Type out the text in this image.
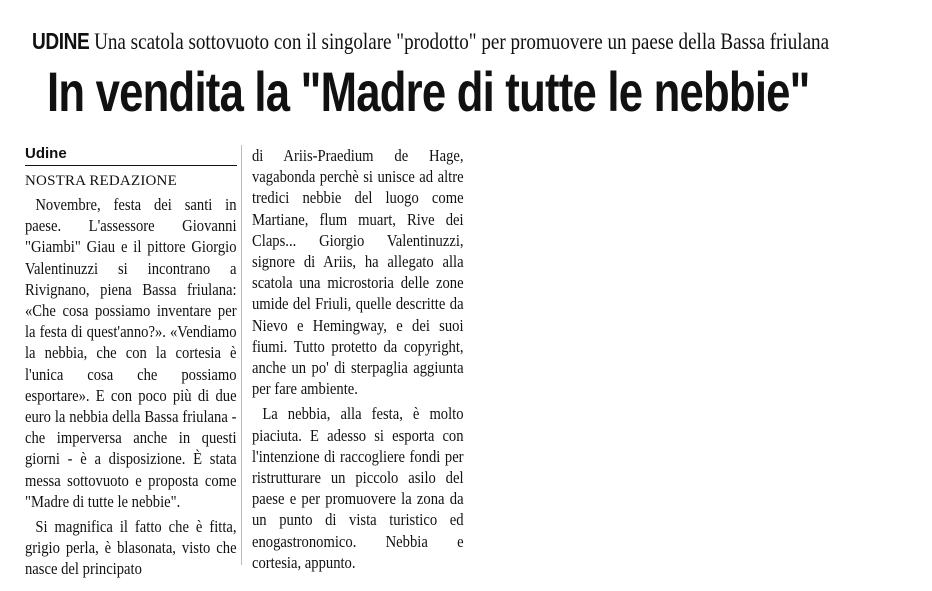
UDINE Una scatola sottovuoto con il singolare "prodotto" per promuovere un paese della Bassa friulana
In vendita la "Madre di tutte le nebbie"
Udine
NOSTRA REDAZIONE

Novembre, festa dei santi in paese. L'assessore Giovanni "Giambi" Giau e il pittore Giorgio Valentinuzzi si incontrano a Rivignano, piena Bassa friulana: «Che cosa possiamo inventare per la festa di quest'anno?». «Vendiamo la nebbia, che con la cortesia è l'unica cosa che possiamo esportare». E con poco più di due euro la nebbia della Bassa friulana - che imperversa anche in questi giorni - è a disposizione. È stata messa sottovuoto e proposta come "Madre di tutte le nebbie".

Si magnifica il fatto che è fitta, grigio perla, è blasonata, visto che nasce del principato

di Ariis-Praedium de Hage, vagabonda perchè si unisce ad altre tredici nebbie del luogo come Martiane, flum muart, Rive dei Claps... Giorgio Valentinuzzi, signore di Ariis, ha allegato alla scatola una microstoria delle zone umide del Friuli, quelle descritte da Nievo e Hemingway, e dei suoi fiumi. Tutto protetto da copyright, anche un po' di sterpaglia aggiunta per fare ambiente.

La nebbia, alla festa, è molto piaciuta. E adesso si esporta con l'intenzione di raccogliere fondi per ristrutturare un piccolo asilo del paese e per promuovere la zona da un punto di vista turistico ed enogastronomico. Nebbia e cortesia, appunto.
